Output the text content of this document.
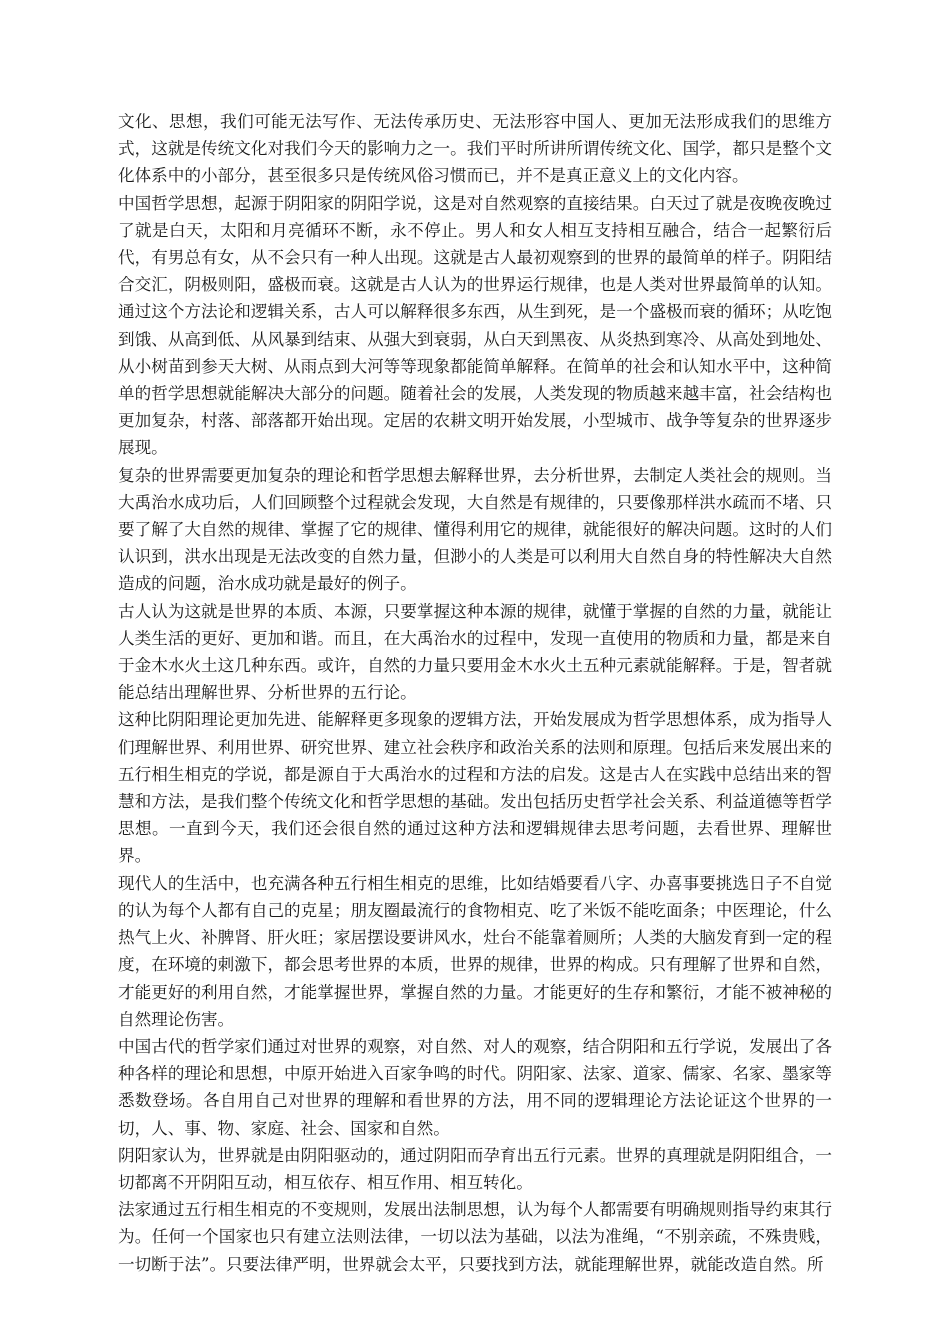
文化、思想，我们可能无法写作、无法传承历史、无法形容中国人、更加无法形成我们的思维方式，这就是传统文化对我们今天的影响力之一。我们平时所讲所谓传统文化、国学，都只是整个文化体系中的小部分，甚至很多只是传统风俗习惯而已，并不是真正意义上的文化内容。

中国哲学思想，起源于阴阳家的阴阳学说，这是对自然观察的直接结果。白天过了就是夜晚夜晚过了就是白天，太阳和月亮循环不断，永不停止。男人和女人相互支持相互融合，结合一起繁衍后代，有男总有女，从不会只有一种人出现。这就是古人最初观察到的世界的最简单的样子。阴阳结合交汇，阴极则阳，盛极而衰。这就是古人认为的世界运行规律，也是人类对世界最简单的认知。通过这个方法论和逻辑关系，古人可以解释很多东西，从生到死，是一个盛极而衰的循环；从吃饱到饿、从高到低、从风暴到结束、从强大到衰弱，从白天到黑夜、从炎热到寒冷、从高处到地处、从小树苗到参天大树、从雨点到大河等等现象都能简单解释。在简单的社会和认知水平中，这种简单的哲学思想就能解决大部分的问题。随着社会的发展，人类发现的物质越来越丰富，社会结构也更加复杂，村落、部落都开始出现。定居的农耕文明开始发展，小型城市、战争等复杂的世界逐步展现。

复杂的世界需要更加复杂的理论和哲学思想去解释世界，去分析世界，去制定人类社会的规则。当大禹治水成功后，人们回顾整个过程就会发现，大自然是有规律的，只要像那样洪水疏而不堵、只要了解了大自然的规律、掌握了它的规律、懂得利用它的规律，就能很好的解决问题。这时的人们认识到，洪水出现是无法改变的自然力量，但渺小的人类是可以利用大自然自身的特性解决大自然造成的问题，治水成功就是最好的例子。

古人认为这就是世界的本质、本源，只要掌握这种本源的规律，就懂于掌握的自然的力量，就能让人类生活的更好、更加和谐。而且，在大禹治水的过程中，发现一直使用的物质和力量，都是来自于金木水火土这几种东西。或许，自然的力量只要用金木水火土五种元素就能解释。于是，智者就能总结出理解世界、分析世界的五行论。

这种比阴阳理论更加先进、能解释更多现象的逻辑方法，开始发展成为哲学思想体系，成为指导人们理解世界、利用世界、研究世界、建立社会秩序和政治关系的法则和原理。包括后来发展出来的五行相生相克的学说，都是源自于大禹治水的过程和方法的启发。这是古人在实践中总结出来的智慧和方法，是我们整个传统文化和哲学思想的基础。发出包括历史哲学社会关系、利益道德等哲学思想。一直到今天，我们还会很自然的通过这种方法和逻辑规律去思考问题，去看世界、理解世界。

现代人的生活中，也充满各种五行相生相克的思维，比如结婚要看八字、办喜事要挑选日子不自觉的认为每个人都有自己的克星；朋友圈最流行的食物相克、吃了米饭不能吃面条；中医理论，什么热气上火、补脾肾、肝火旺；家居摆设要讲风水，灶台不能靠着厕所；人类的大脑发育到一定的程度，在环境的刺激下，都会思考世界的本质，世界的规律，世界的构成。只有理解了世界和自然，才能更好的利用自然，才能掌握世界，掌握自然的力量。才能更好的生存和繁衍，才能不被神秘的自然理论伤害。

中国古代的哲学家们通过对世界的观察，对自然、对人的观察，结合阴阳和五行学说，发展出了各种各样的理论和思想，中原开始进入百家争鸣的时代。阴阳家、法家、道家、儒家、名家、墨家等悉数登场。各自用自己对世界的理解和看世界的方法，用不同的逻辑理论方法论证这个世界的一切，人、事、物、家庭、社会、国家和自然。

阴阳家认为，世界就是由阴阳驱动的，通过阴阳而孕育出五行元素。世界的真理就是阴阳组合，一切都离不开阴阳互动，相互依存、相互作用、相互转化。

法家通过五行相生相克的不变规则，发展出法制思想，认为每个人都需要有明确规则指导约束其行为。任何一个国家也只有建立法则法律，一切以法为基础，以法为准绳，“不别亲疏，不殊贵贱，一切断于法”。只要法律严明，世界就会太平，只要找到方法，就能理解世界，就能改造自然。所
